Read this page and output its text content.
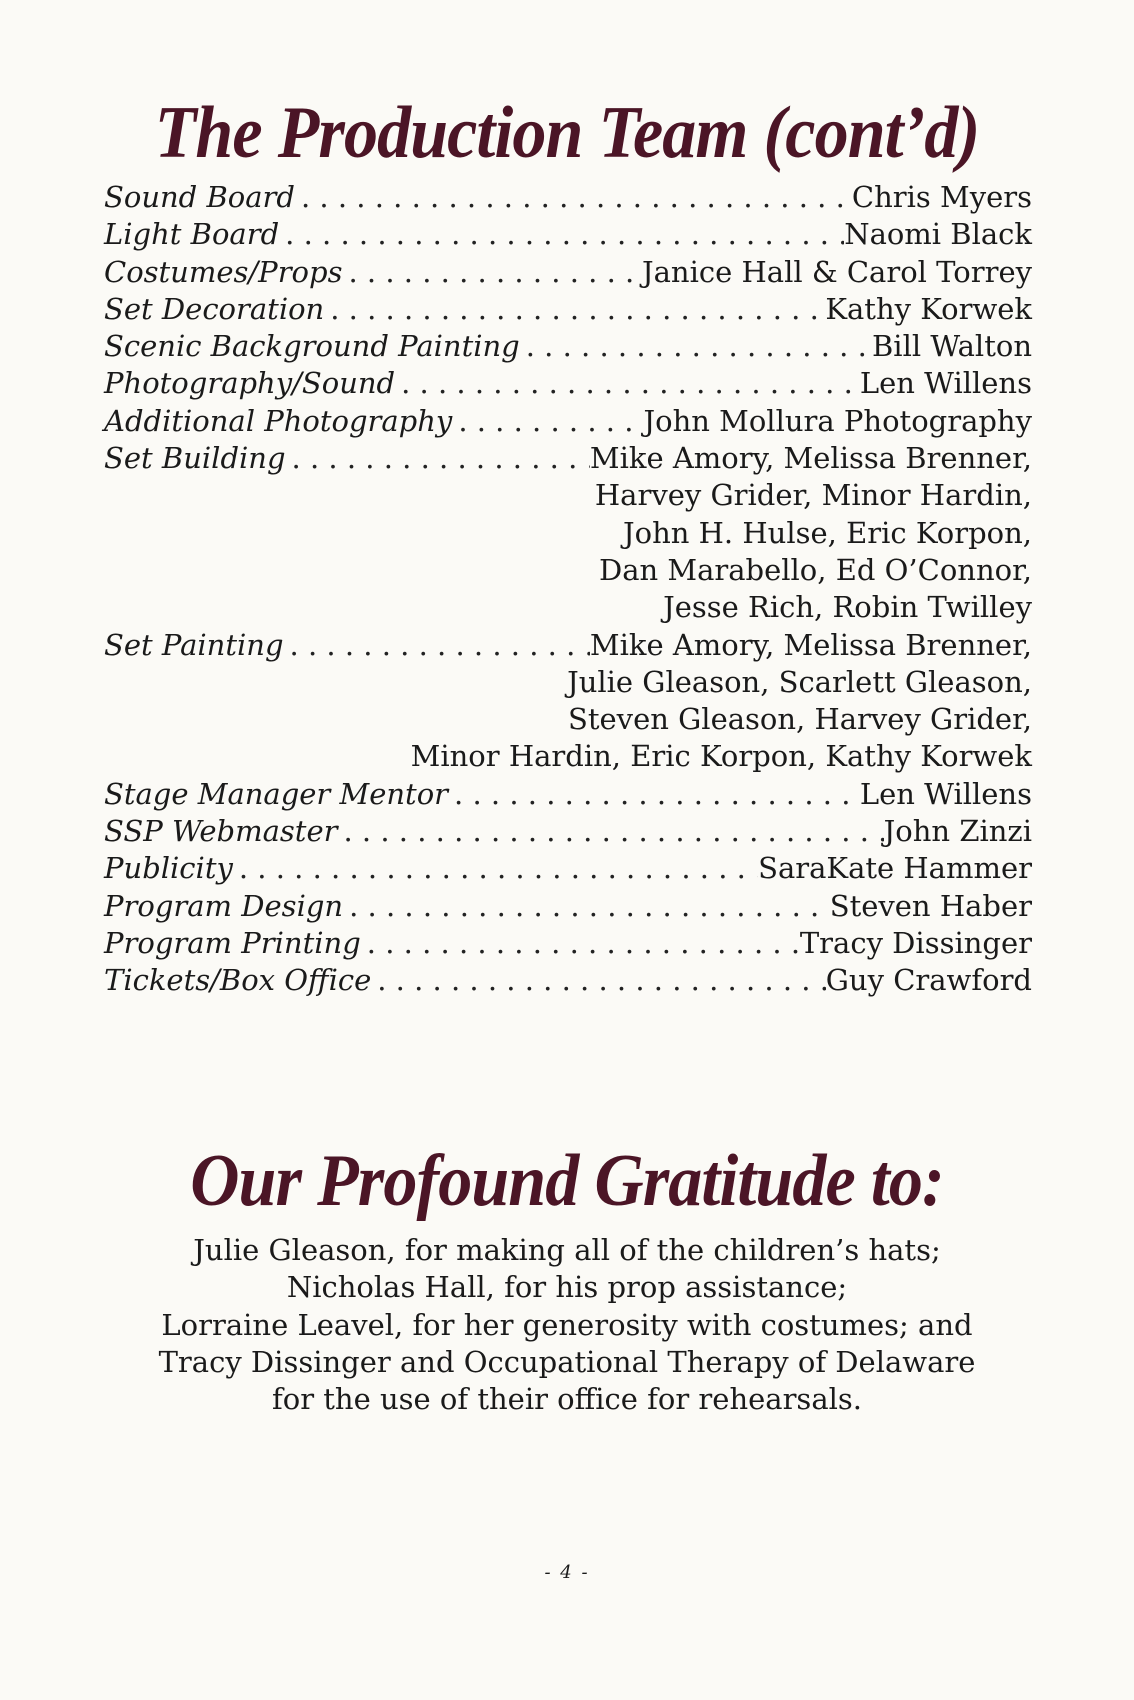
The Production Team (cont’d)
Sound Board . . .	Chris Myers
Light Board . . .	Naomi Black
Costumes/Props . . .	Janice Hall & Carol Torrey
Set Decoration . . .	Kathy Korwek
Scenic Background Painting . . .	Bill Walton
Photography/Sound . . .	Len Willens
Additional Photography . . .	John Mollura Photography
Set Building . . .	Mike Amory, Melissa Brenner,
Harvey Grider, Minor Hardin,
John H. Hulse, Eric Korpon,
Dan Marabello, Ed O’Connor,
Jesse Rich, Robin Twilley
Set Painting . . .	Mike Amory, Melissa Brenner,
Julie Gleason, Scarlett Gleason,
Steven Gleason, Harvey Grider,
Minor Hardin, Eric Korpon, Kathy Korwek
Stage Manager Mentor . . .	Len Willens
SSP Webmaster . . .	John Zinzi
Publicity . . .	SaraKate Hammer
Program Design . . .	Steven Haber
Program Printing . . .	Tracy Dissinger
Tickets/Box Office . . .	Guy Crawford
Our Profound Gratitude to:
Julie Gleason, for making all of the children’s hats;
Nicholas Hall, for his prop assistance;
Lorraine Leavel, for her generosity with costumes; and
Tracy Dissinger and Occupational Therapy of Delaware
for the use of their office for rehearsals.
- 4 -
